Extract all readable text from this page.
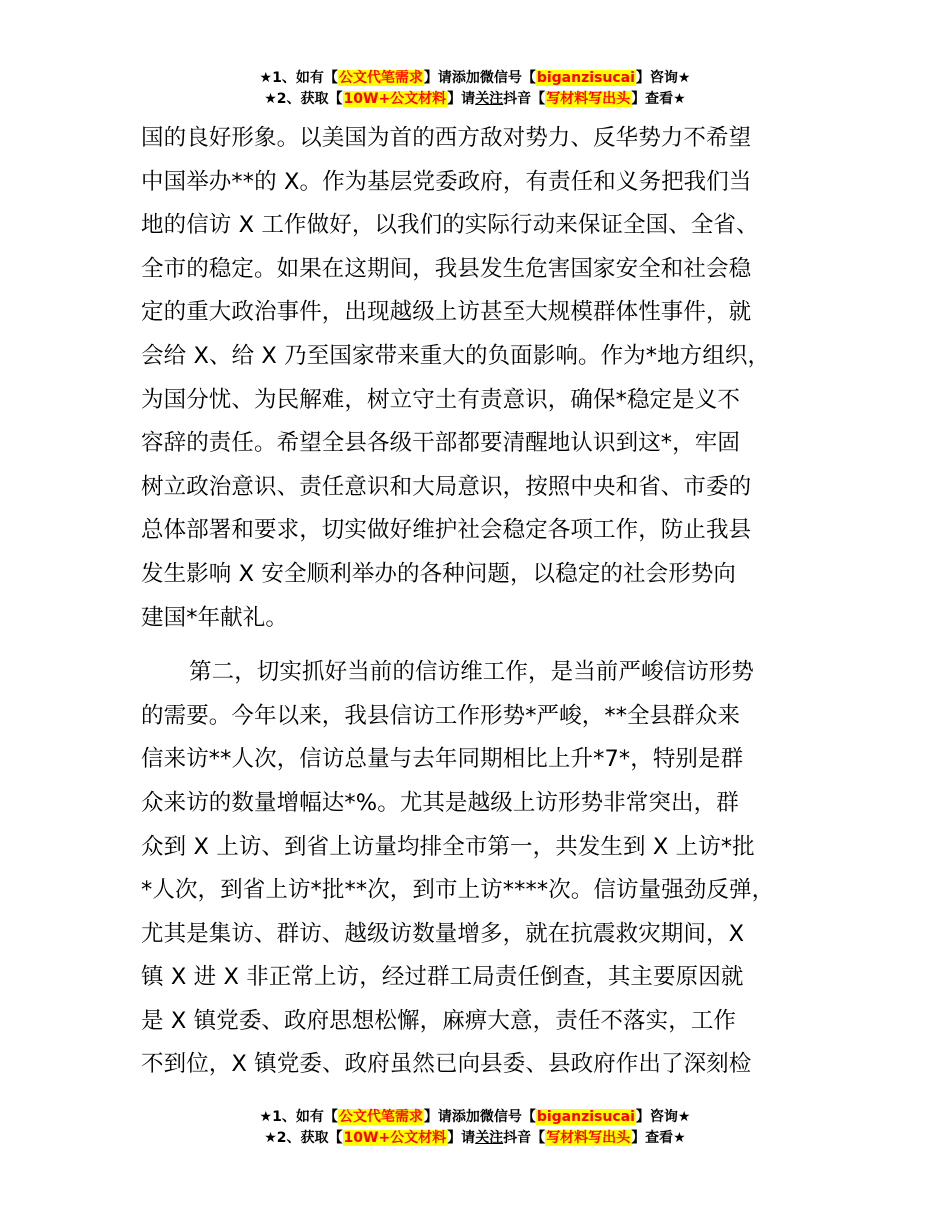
★1、如有【公文代笔需求】请添加微信号【biganzisucai】咨询★
★2、获取【10W+公文材料】请关注抖音【写材料写出头】查看★
国的良好形象。以美国为首的西方敌对势力、反华势力不希望
中国举办**的 X。作为基层党委政府，有责任和义务把我们当
地的信访 X 工作做好，以我们的实际行动来保证全国、全省、
全市的稳定。如果在这期间，我县发生危害国家安全和社会稳
定的重大政治事件，出现越级上访甚至大规模群体性事件，就
会给 X、给 X 乃至国家带来重大的负面影响。作为*地方组织，
为国分忧、为民解难，树立守土有责意识，确保*稳定是义不
容辞的责任。希望全县各级干部都要清醒地认识到这*，牢固
树立政治意识、责任意识和大局意识，按照中央和省、市委的
总体部署和要求，切实做好维护社会稳定各项工作，防止我县
发生影响 X 安全顺利举办的各种问题，以稳定的社会形势向
建国*年献礼。
第二，切实抓好当前的信访维工作，是当前严峻信访形势
的需要。今年以来，我县信访工作形势*严峻，**全县群众来
信来访**人次，信访总量与去年同期相比上升*7*，特别是群
众来访的数量增幅达*%。尤其是越级上访形势非常突出，群
众到 X 上访、到省上访量均排全市第一，共发生到 X 上访*批
*人次，到省上访*批**次，到市上访****次。信访量强劲反弹，
尤其是集访、群访、越级访数量增多，就在抗震救灾期间，X
镇 X 进 X 非正常上访，经过群工局责任倒查，其主要原因就
是 X 镇党委、政府思想松懈，麻痹大意，责任不落实，工作
不到位，X 镇党委、政府虽然已向县委、县政府作出了深刻检
★1、如有【公文代笔需求】请添加微信号【biganzisucai】咨询★
★2、获取【10W+公文材料】请关注抖音【写材料写出头】查看★
